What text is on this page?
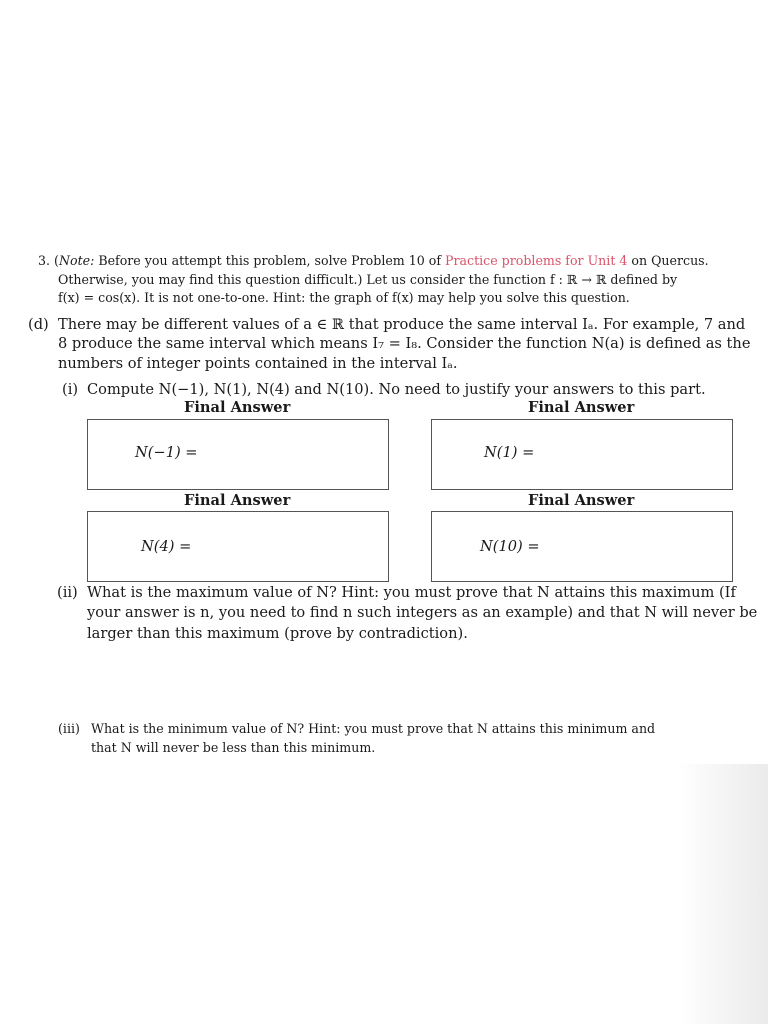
3. (Note: Before you attempt this problem, solve Problem 10 of Practice problems for Unit 4 on Quercus.
Otherwise, you may find this question difficult.) Let us consider the function f : ℝ → ℝ defined by
f(x) = cos(x). It is not one-to-one. Hint: the graph of f(x) may help you solve this question.
(d) There may be different values of a ∈ ℝ that produce the same interval Iₐ. For example, 7 and
8 produce the same interval which means I₇ = I₈. Consider the function N(a) is defined as the
numbers of integer points contained in the interval Iₐ.
(i) Compute N(−1), N(1), N(4) and N(10). No need to justify your answers to this part.
Final Answer	Final Answer
N(−1) =	N(1) =
Final Answer	Final Answer
N(4) =	N(10) =
(ii) What is the maximum value of N? Hint: you must prove that N attains this maximum (If
your answer is n, you need to find n such integers as an example) and that N will never be
larger than this maximum (prove by contradiction).
(iii) What is the minimum value of N? Hint: you must prove that N attains this minimum and
that N will never be less than this minimum.
